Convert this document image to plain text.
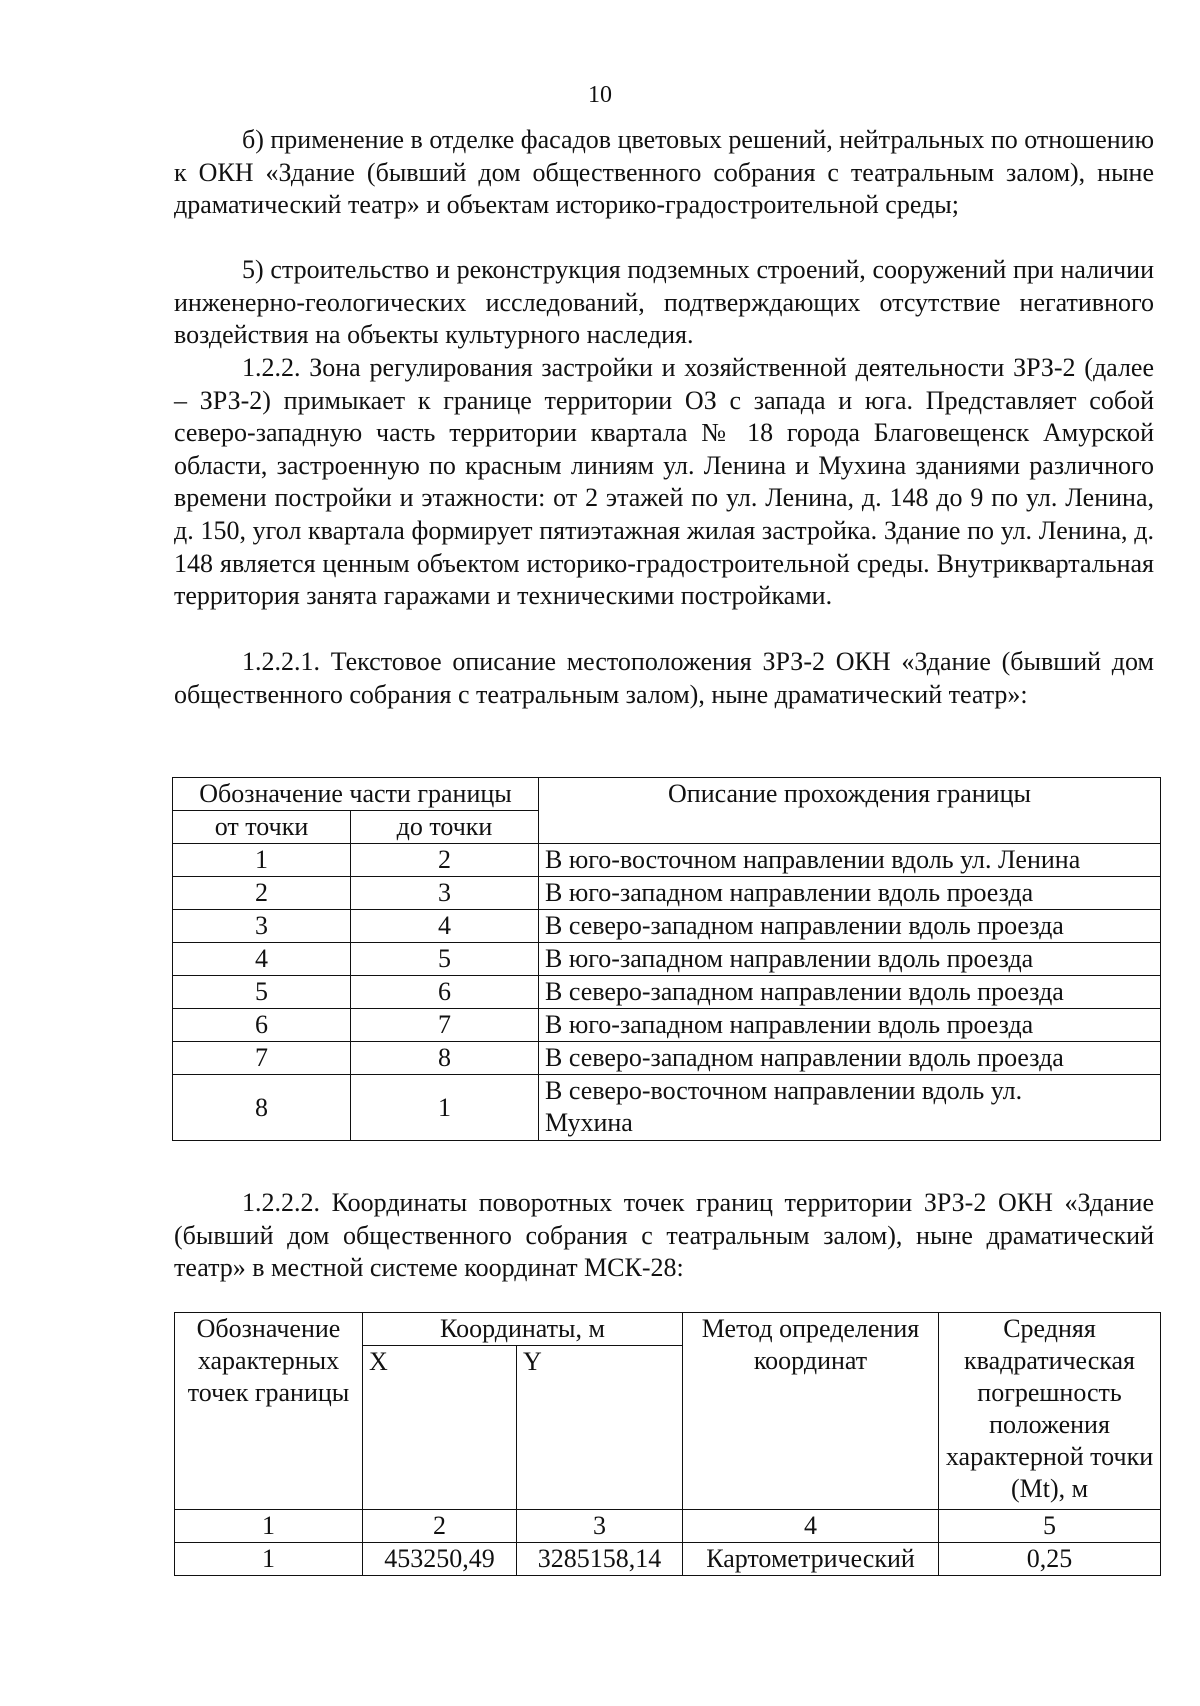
10
б) применение в отделке фасадов цветовых решений, нейтральных по отношению к ОКН «Здание (бывший дом общественного собрания с театральным залом), ныне драматический театр» и объектам историко-градостроительной среды;
5) строительство и реконструкция подземных строений, сооружений при наличии инженерно-геологических исследований, подтверждающих отсутствие негативного воздействия на объекты культурного наследия.
1.2.2. Зона регулирования застройки и хозяйственной деятельности ЗРЗ-2 (далее – ЗРЗ-2) примыкает к границе территории ОЗ с запада и юга. Представляет собой северо-западную часть территории квартала № 18 города Благовещенск Амурской области, застроенную по красным линиям ул. Ленина и Мухина зданиями различного времени постройки и этажности: от 2 этажей по ул. Ленина, д. 148 до 9 по ул. Ленина, д. 150, угол квартала формирует пятиэтажная жилая застройка. Здание по ул. Ленина, д. 148 является ценным объектом историко-градостроительной среды. Внутриквартальная территория занята гаражами и техническими постройками.
1.2.2.1. Текстовое описание местоположения ЗРЗ-2 ОКН «Здание (бывший дом общественного собрания с театральным залом), ныне драматический театр»:
Обозначение части границы		Описание прохождения границы
от точки	до точки	
1	2	В юго-восточном направлении вдоль ул. Ленина
2	3	В юго-западном направлении вдоль проезда
3	4	В северо-западном направлении вдоль проезда
4	5	В юго-западном направлении вдоль проезда
5	6	В северо-западном направлении вдоль проезда
6	7	В юго-западном направлении вдоль проезда
7	8	В северо-западном направлении вдоль проезда
8	1	В северо-восточном направлении вдоль ул. Мухина
1.2.2.2. Координаты поворотных точек границ территории ЗРЗ-2 ОКН «Здание (бывший дом общественного собрания с театральным залом), ныне драматический театр» в местной системе координат МСК-28:
Обозначение характерных точек границы	Координаты, м		Метод определения координат	Средняя квадратическая погрешность положения характерной точки (Mt), м
	X	Y		
1	2	3	4	5
1	453250,49	3285158,14	Картометрический	0,25
